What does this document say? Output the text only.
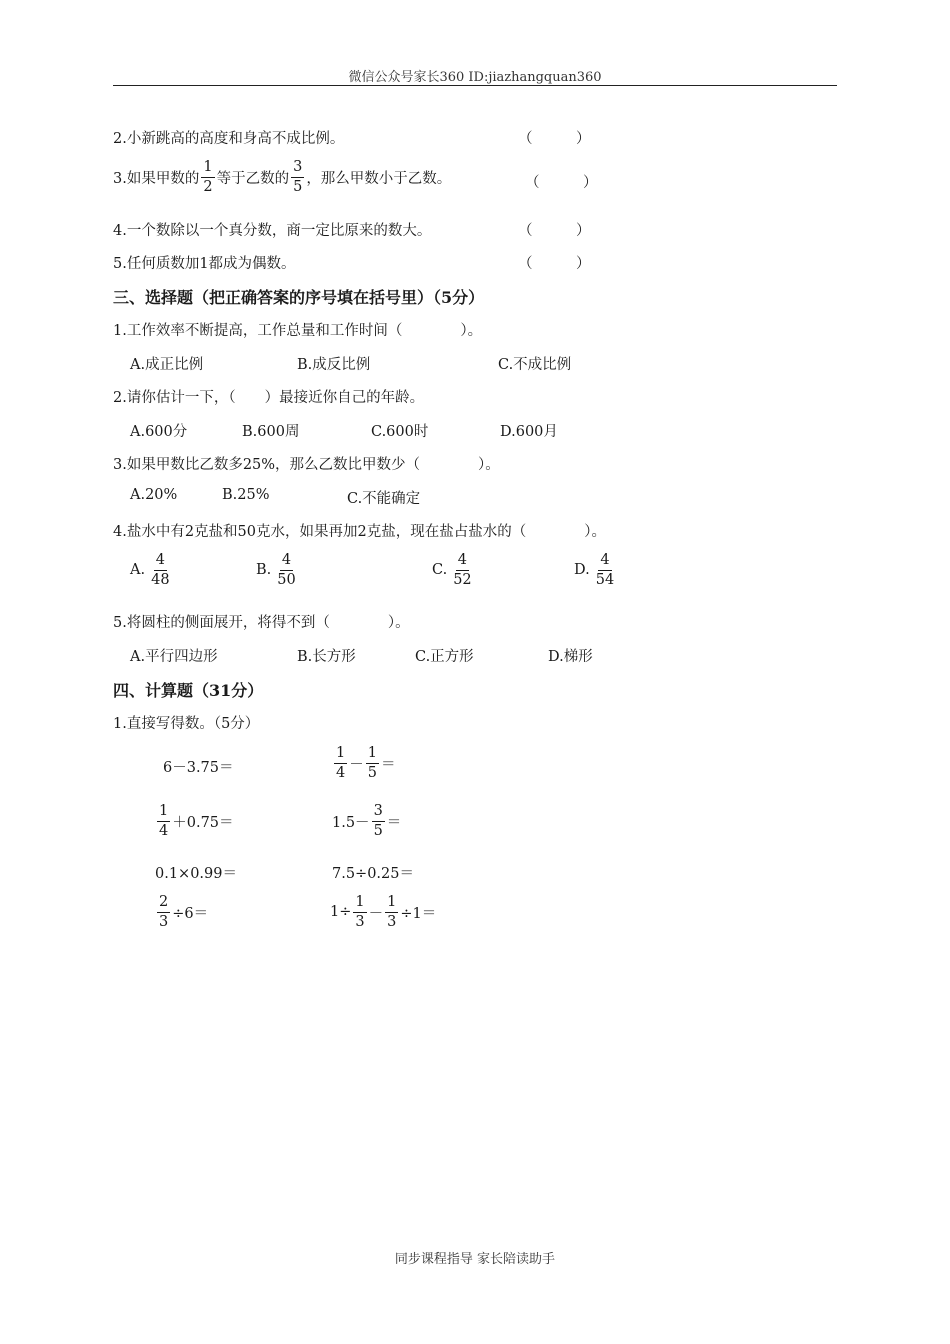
微信公众号家长360 ID:jiazhangquan360
2.小新跳高的高度和身高不成比例。	（　　　）
3.如果甲数的 $\frac{1}{2}$ 等于乙数的 $\frac{3}{5}$ ，那么甲数小于乙数。	（　　　）
4.一个数除以一个真分数，商一定比原来的数大。	（　　　）
5.任何质数加1都成为偶数。	（　　　）
三、选择题（把正确答案的序号填在括号里）（5分）
1.工作效率不断提高，工作总量和工作时间（　　　　）。
A.成正比例	B.成反比例	C.不成比例
2.请你估计一下，（　　）最接近你自己的年龄。
A.600分	B.600周	C.600时	D.600月
3.如果甲数比乙数多25%，那么乙数比甲数少（　　　　）。
A.20%	B.25%	C.不能确定
4.盐水中有2克盐和50克水，如果再加2克盐，现在盐占盐水的（　　　　）。
A. $\frac{4}{48}$	B. $\frac{4}{50}$	C. $\frac{4}{52}$	D. $\frac{4}{54}$
5.将圆柱的侧面展开，将得不到（　　　　）。
A.平行四边形	B.长方形	C.正方形	D.梯形
四、计算题（31分）
1.直接写得数。（5分）
6－3.75＝	$\frac{1}{4} - \frac{1}{5}$ ＝
$\frac{1}{4} +0.75=$	$1.5- \frac{3}{5}$ ＝
0.1×0.99＝	7.5÷0.25＝
$\frac{2}{3} \div 6=$	$1\div \frac{1}{3} - \frac{1}{3} \div 1=$
同步课程指导 家长陪读助手
